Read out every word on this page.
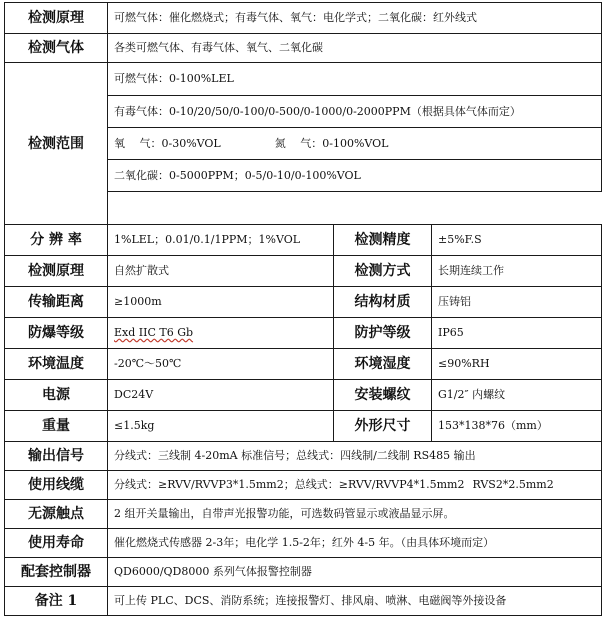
检测原理	可燃气体：催化燃烧式；有毒气体、氧气：电化学式；二氧化碳：红外线式		
检测气体	各类可燃气体、有毒气体、氧气、二氧化碳		
检测范围	可燃气体：0-100%LEL		
	有毒气体：0-10/20/50/0-100/0-500/0-1000/0-2000PPM（根据具体气体而定）		
	氧　 气：0-30%VOL 氮　 气：0-100%VOL		
	二氧化碳：0-5000PPM；0-5/0-10/0-100%VOL		

分 辨 率	1%LEL；0.01/0.1/1PPM；1%VOL	检测精度	±5%F.S
检测原理	自然扩散式	检测方式	长期连续工作
传输距离	≥1000m	结构材质	压铸铝
防爆等级	Exd IIC T6 Gb	防护等级	IP65
环境温度	-20℃～50℃	环境湿度	≤90%RH
电源	DC24V	安装螺纹	G1/2″ 内螺纹
重量	≤1.5kg	外形尺寸	153*138*76（mm）
输出信号	分线式：三线制 4-20mA 标准信号；总线式：四线制/二线制 RS485 输出		
使用线缆	分线式：≥RVV/RVVP3*1.5mm2；总线式：≥RVV/RVVP4*1.5mm2 RVS2*2.5mm2		
无源触点	2 组开关量输出，自带声光报警功能，可选数码管显示或液晶显示屏。		
使用寿命	催化燃烧式传感器 2-3年；电化学 1.5-2年；红外 4-5 年。（由具体环境而定）		
配套控制器	QD6000/QD8000 系列气体报警控制器		
备注 1	可上传 PLC、DCS、消防系统；连接报警灯、排风扇、喷淋、电磁阀等外接设备		
